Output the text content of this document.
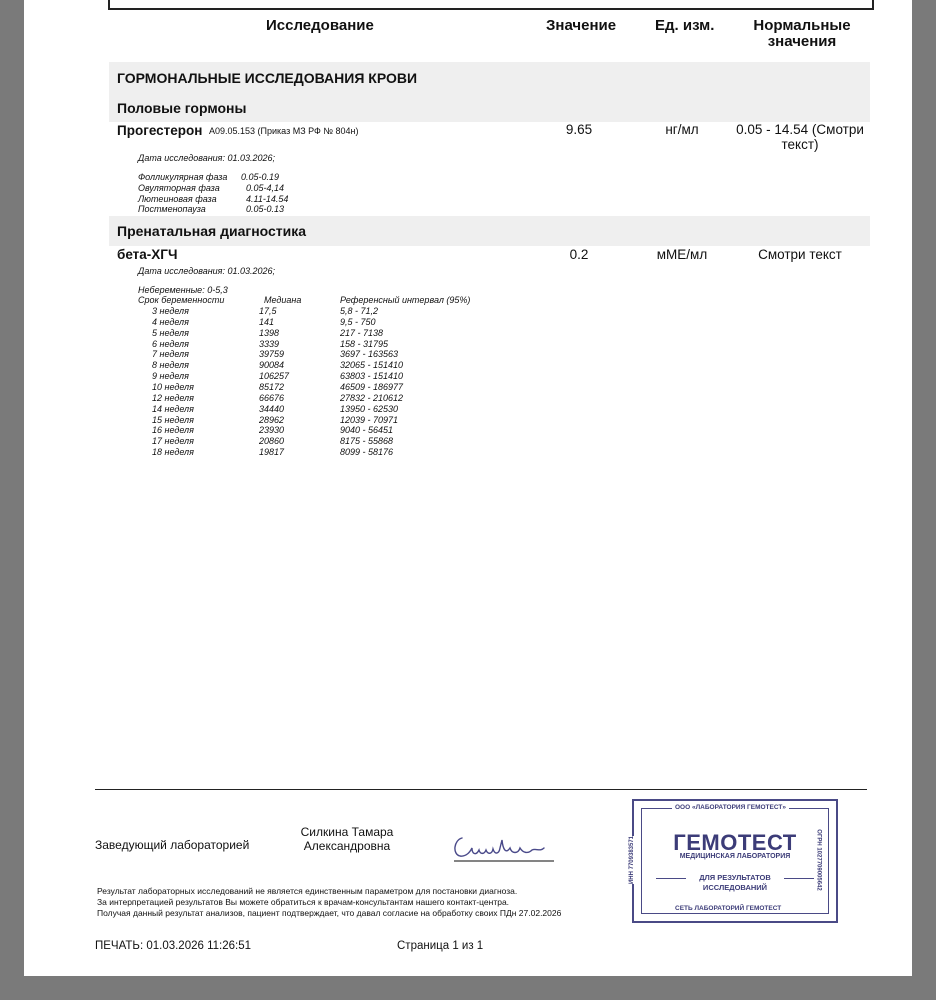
Исследование	Значение	Ед. изм.	Нормальные
значения
ГОРМОНАЛЬНЫЕ ИССЛЕДОВАНИЯ КРОВИ
Половые гормоны
Прогестерон A09.05.153 (Приказ МЗ РФ № 804н)	9.65	нг/мл	0.05 - 14.54 (Смотри
текст)
Дата исследования: 01.03.2026;
Фолликулярная фаза 0.05-0.19
Овуляторная фаза	0.05-4,14
Лютеиновая фаза	4.11-14.54
Постменопауза	0.05-0.13
Пренатальная диагностика
бета-ХГЧ	0.2	мМЕ/мл	Смотри текст
Дата исследования: 01.03.2026;
Небеременные: 0-5,3
Срок беременности	Медиана	Референсный интервал (95%)
3 неделя	17,5	5,8 - 71,2
4 неделя	141	9,5 - 750
5 неделя	1398	217 - 7138
6 неделя	3339	158 - 31795
7 неделя	39759	3697 - 163563
8 неделя	90084	32065 - 151410
9 неделя	106257	63803 - 151410
10 неделя	85172	46509 - 186977
12 неделя	66676	27832 - 210612
14 неделя	34440	13950 - 62530
15 неделя	28962	12039 - 70971
16 неделя	23930	9040 - 56451
17 неделя	20860	8175 - 55868
18 неделя	19817	8099 - 58176
Заведующий лабораторией
Силкина Тамара
Александровна
Результат лабораторных исследований не является единственным параметром для постановки диагноза.
За интерпретацией результатов Вы можете обратиться к врачам-консультантам нашего контакт-центра.
Получая данный результат анализов, пациент подтверждает, что давал согласие на обработку своих ПДн 27.02.2026
ПЕЧАТЬ: 01.03.2026 11:26:51	Страница 1 из 1
ООО «ЛАБОРАТОРИЯ ГЕМОТЕСТ»
ГЕМОТЕСТ
МЕДИЦИНСКАЯ ЛАБОРАТОРИЯ
ДЛЯ РЕЗУЛЬТАТОВ
ИССЛЕДОВАНИЙ
СЕТЬ ЛАБОРАТОРИЙ ГЕМОТЕСТ
ИНН 7709383571	ОГРН 1027709005642
